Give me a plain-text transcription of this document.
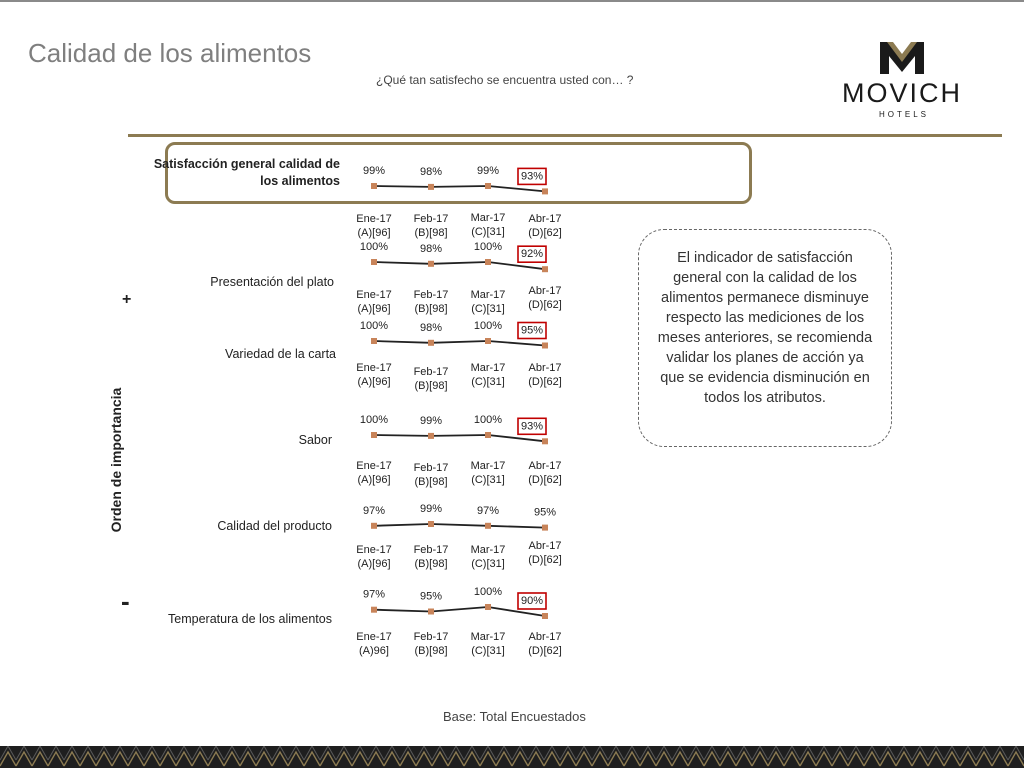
Calidad de los alimentos
¿Qué tan satisfecho se encuentra usted con… ?	MOVICH
HOTELS
Satisfacción general calidad de los alimentos
Presentación del plato
Variedad de la carta
Sabor
Calidad del producto
Temperatura de los alimentos
Orden de importancia
+
-
Ene-17
(A)[96]
Feb-17
(B)[98]
Mar-17
(C)[31]
Abr-17
(D)[62]
Ene-17
(A)[96]
Feb-17
(B)[98]
Mar-17
(C)[31]
Abr-17
(D)[62]
Ene-17
(A)[96]
Feb-17
(B)[98]
Mar-17
(C)[31]
Abr-17
(D)[62]
Ene-17
(A)[96]
Feb-17
(B)[98]
Mar-17
(C)[31]
Abr-17
(D)[62]
Ene-17
(A)[96]
Feb-17
(B)[98]
Mar-17
(C)[31]
Abr-17
(D)[62]
Ene-17
(A)96]
Feb-17
(B)[98]
Mar-17
(C)[31]
Abr-17
(D)[62]
99%	98%	99% 93%
100%	98%	100%
92%
100%	98%	100% 95%
100%	99%	100%
93%
97%	99%	97%	95%
97%	95%	100%
90%
El indicador de satisfacción general con la calidad de los alimentos permanece disminuye respecto las mediciones de los meses anteriores, se recomienda validar los planes de acción ya que se evidencia disminución en todos los atributos.
Base: Total Encuestados
